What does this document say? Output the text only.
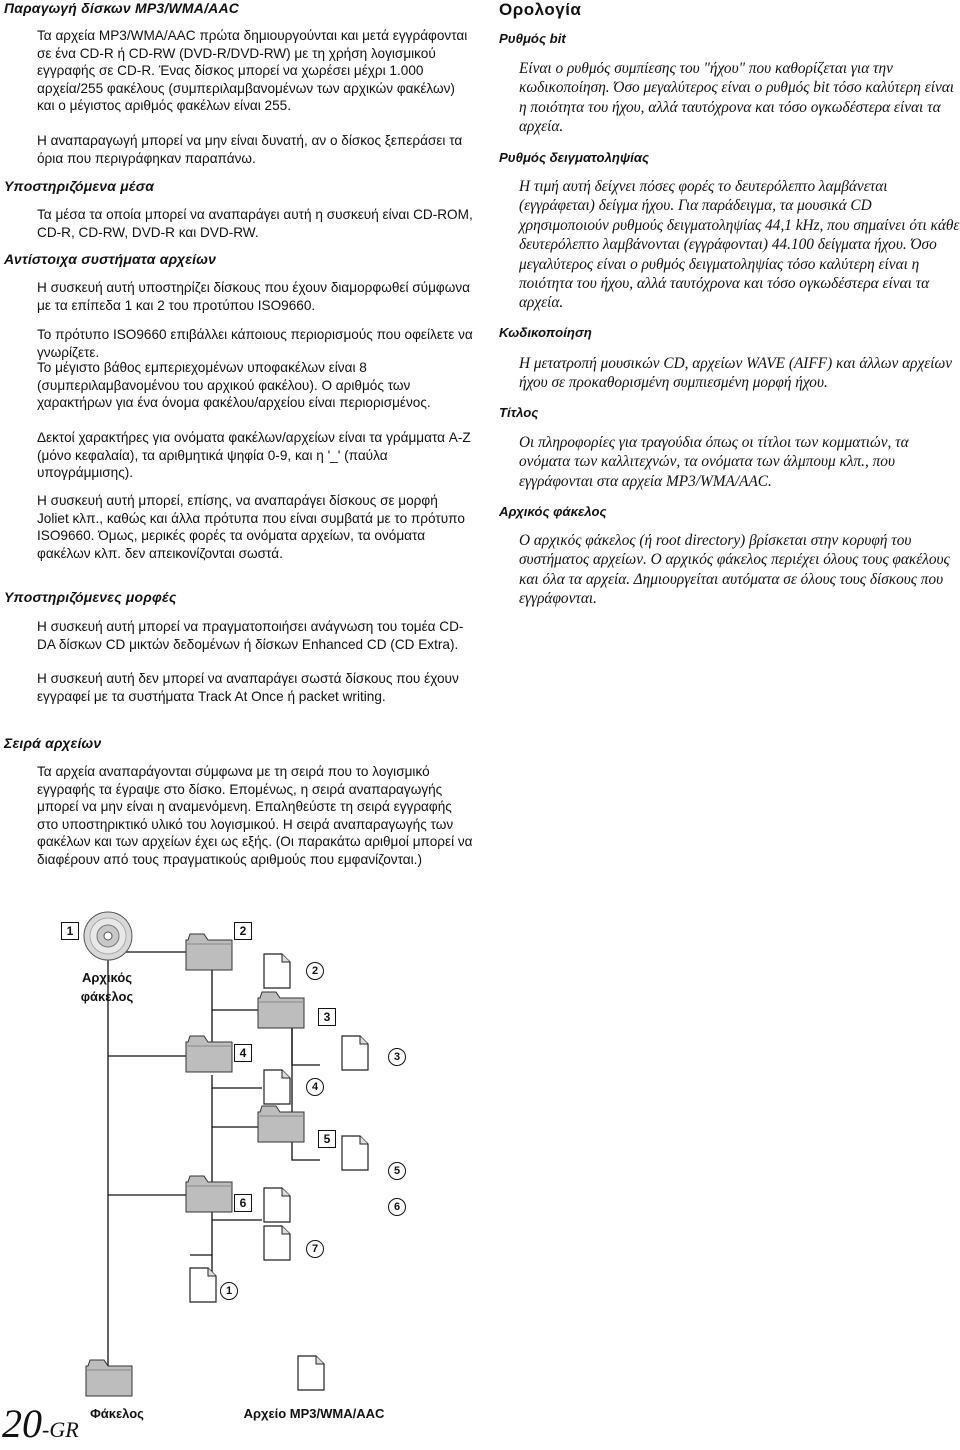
Παραγωγή δίσκων MP3/WMA/AAC

Τα αρχεία MP3/WMA/AAC πρώτα δημιουργούνται και μετά εγγράφονται σε ένα CD-R ή CD-RW (DVD-R/DVD-RW) με τη χρήση λογισμικού εγγραφής σε CD-R. Ένας δίσκος μπορεί να χωρέσει μέχρι 1.000 αρχεία/255 φακέλους (συμπεριλαμβανομένων των αρχικών φακέλων) και ο μέγιστος αριθμός φακέλων είναι 255.

Η αναπαραγωγή μπορεί να μην είναι δυνατή, αν ο δίσκος ξεπεράσει τα όρια που περιγράφηκαν παραπάνω.

Υποστηριζόμενα μέσα

Τα μέσα τα οποία μπορεί να αναπαράγει αυτή η συσκευή είναι CD-ROM, CD-R, CD-RW, DVD-R και DVD-RW.

Αντίστοιχα συστήματα αρχείων

Η συσκευή αυτή υποστηρίζει δίσκους που έχουν διαμορφωθεί σύμφωνα με τα επίπεδα 1 και 2 του προτύπου ISO9660.

Το πρότυπο ISO9660 επιβάλλει κάποιους περιορισμούς που οφείλετε να γνωρίζετε.

Το μέγιστο βάθος εμπεριεχομένων υποφακέλων είναι 8 (συμπεριλαμβανομένου του αρχικού φακέλου). Ο αριθμός των χαρακτήρων για ένα όνομα φακέλου/αρχείου είναι περιορισμένος.

Δεκτοί χαρακτήρες για ονόματα φακέλων/αρχείων είναι τα γράμματα A-Z (μόνο κεφαλαία), τα αριθμητικά ψηφία 0-9, και η '_' (παύλα υπογράμμισης).

Η συσκευή αυτή μπορεί, επίσης, να αναπαράγει δίσκους σε μορφή Joliet κλπ., καθώς και άλλα πρότυπα που είναι συμβατά με το πρότυπο ISO9660. Όμως, μερικές φορές τα ονόματα αρχείων, τα ονόματα φακέλων κλπ. δεν απεικονίζονται σωστά.

Υποστηριζόμενες μορφές

Η συσκευή αυτή μπορεί να πραγματοποιήσει ανάγνωση του τομέα CD-DA δίσκων CD μικτών δεδομένων ή δίσκων Enhanced CD (CD Extra).

Η συσκευή αυτή δεν μπορεί να αναπαράγει σωστά δίσκους που έχουν εγγραφεί με τα συστήματα Track At Once ή packet writing.

Σειρά αρχείων

Τα αρχεία αναπαράγονται σύμφωνα με τη σειρά που το λογισμικό εγγραφής τα έγραψε στο δίσκο. Επομένως, η σειρά αναπαραγωγής μπορεί να μην είναι η αναμενόμενη. Επαληθεύστε τη σειρά εγγραφής στο υποστηρικτικό υλικό του λογισμικού. Η σειρά αναπαραγωγής των φακέλων και των αρχείων έχει ως εξής. (Οι παρακάτω αριθμοί μπορεί να διαφέρουν από τους πραγματικούς αριθμούς που εμφανίζονται.)

Ορολογία

Ρυθμός bit

Είναι ο ρυθμός συμπίεσης του "ήχου" που καθορίζεται για την κωδικοποίηση. Όσο μεγαλύτερος είναι ο ρυθμός bit τόσο καλύτερη είναι η ποιότητα του ήχου, αλλά ταυτόχρονα και τόσο ογκωδέστερα είναι τα αρχεία.

Ρυθμός δειγματοληψίας

Η τιμή αυτή δείχνει πόσες φορές το δευτερόλεπτο λαμβάνεται (εγγράφεται) δείγμα ήχου. Για παράδειγμα, τα μουσικά CD χρησιμοποιούν ρυθμούς δειγματοληψίας 44,1 kHz, που σημαίνει ότι κάθε δευτερόλεπτο λαμβάνονται (εγγράφονται) 44.100 δείγματα ήχου. Όσο μεγαλύτερος είναι ο ρυθμός δειγματοληψίας τόσο καλύτερη είναι η ποιότητα του ήχου, αλλά ταυτόχρονα και τόσο ογκωδέστερα είναι τα αρχεία.

Κωδικοποίηση

Η μετατροπή μουσικών CD, αρχείων WAVE (AIFF) και άλλων αρχείων ήχου σε προκαθορισμένη συμπιεσμένη μορφή ήχου.

Τίτλος

Οι πληροφορίες για τραγούδια όπως οι τίτλοι των κομματιών, τα ονόματα των καλλιτεχνών, τα ονόματα των άλμπουμ κλπ., που εγγράφονται στα αρχεία MP3/WMA/AAC.

Αρχικός φάκελος

Ο αρχικός φάκελος (ή root directory) βρίσκεται στην κορυφή του συστήματος αρχείων. Ο αρχικός φάκελος περιέχει όλους τους φακέλους και όλα τα αρχεία. Δημιουργείται αυτόματα σε όλους τους δίσκους που εγγράφονται.

1	2
3
4
5
6
2
3
4
5
6
7
1
Αρχικός
φάκελος
Φάκελος	Αρχείο MP3/WMA/AAC
20-GR
